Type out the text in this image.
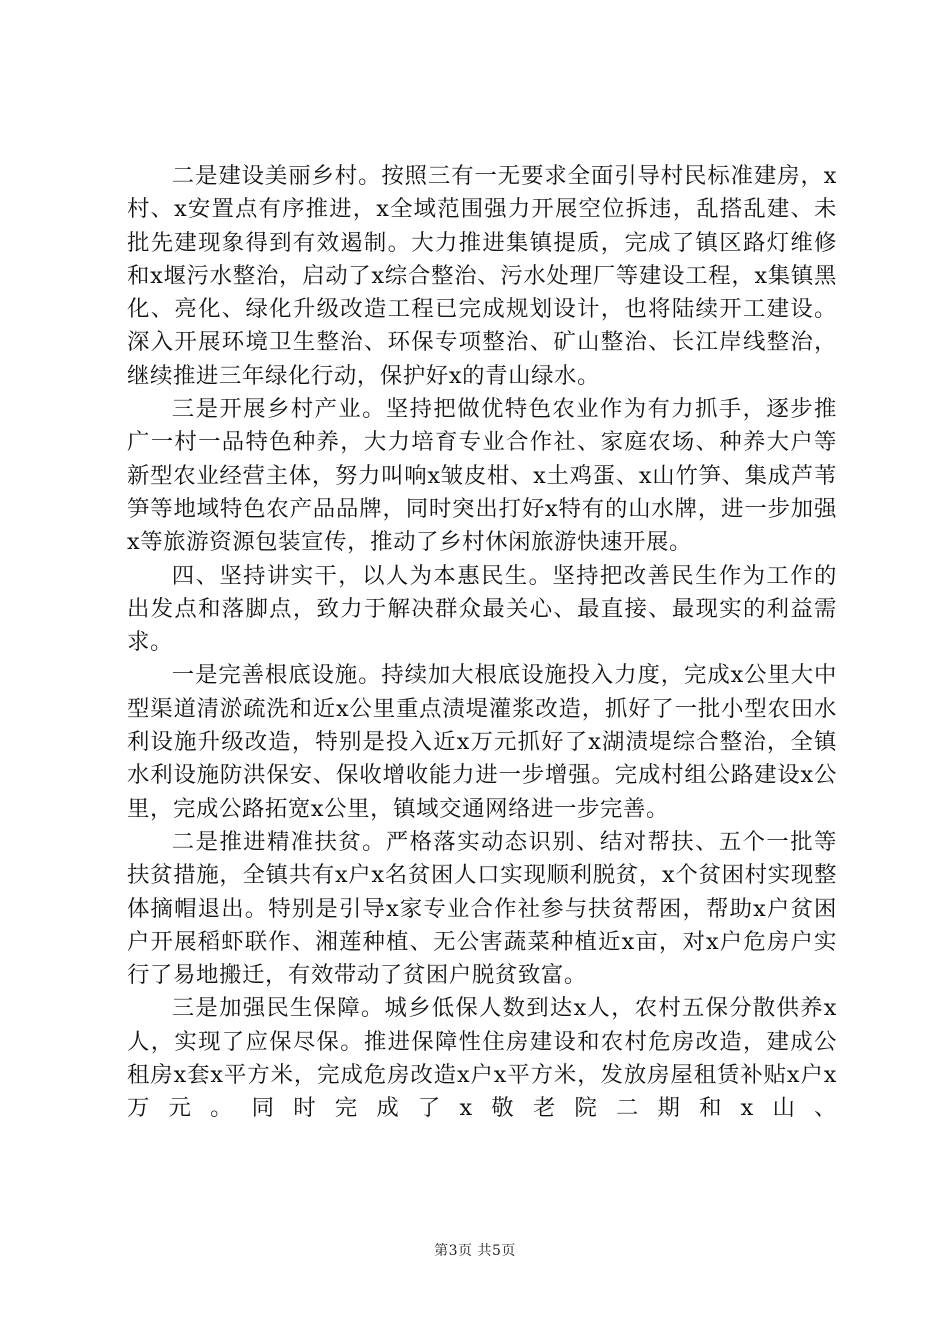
二是建设美丽乡村。按照三有一无要求全面引导村民标准建房，x村、x安置点有序推进，x全域范围强力开展空位拆违，乱搭乱建、未批先建现象得到有效遏制。大力推进集镇提质，完成了镇区路灯维修和x堰污水整治，启动了x综合整治、污水处理厂等建设工程，x集镇黑化、亮化、绿化升级改造工程已完成规划设计，也将陆续开工建设。深入开展环境卫生整治、环保专项整治、矿山整治、长江岸线整治，继续推进三年绿化行动，保护好x的青山绿水。

三是开展乡村产业。坚持把做优特色农业作为有力抓手，逐步推广一村一品特色种养，大力培育专业合作社、家庭农场、种养大户等新型农业经营主体，努力叫响x皱皮柑、x土鸡蛋、x山竹笋、集成芦苇笋等地域特色农产品品牌，同时突出打好x特有的山水牌，进一步加强x等旅游资源包装宣传，推动了乡村休闲旅游快速开展。

四、坚持讲实干，以人为本惠民生。坚持把改善民生作为工作的出发点和落脚点，致力于解决群众最关心、最直接、最现实的利益需求。

一是完善根底设施。持续加大根底设施投入力度，完成x公里大中型渠道清淤疏洗和近x公里重点渍堤灌浆改造，抓好了一批小型农田水利设施升级改造，特别是投入近x万元抓好了x湖渍堤综合整治，全镇水利设施防洪保安、保收增收能力进一步增强。完成村组公路建设x公里，完成公路拓宽x公里，镇域交通网络进一步完善。

二是推进精准扶贫。严格落实动态识别、结对帮扶、五个一批等扶贫措施，全镇共有x户x名贫困人口实现顺利脱贫，x个贫困村实现整体摘帽退出。特别是引导x家专业合作社参与扶贫帮困，帮助x户贫困户开展稻虾联作、湘莲种植、无公害蔬菜种植近x亩，对x户危房户实行了易地搬迁，有效带动了贫困户脱贫致富。

三是加强民生保障。城乡低保人数到达x人，农村五保分散供养x人，实现了应保尽保。推进保障性住房建设和农村危房改造，建成公租房x套x平方米，完成危房改造x户x平方米，发放房屋租赁补贴x户x万元。同时完成了x敬老院二期和x山、

第3页 共5页
